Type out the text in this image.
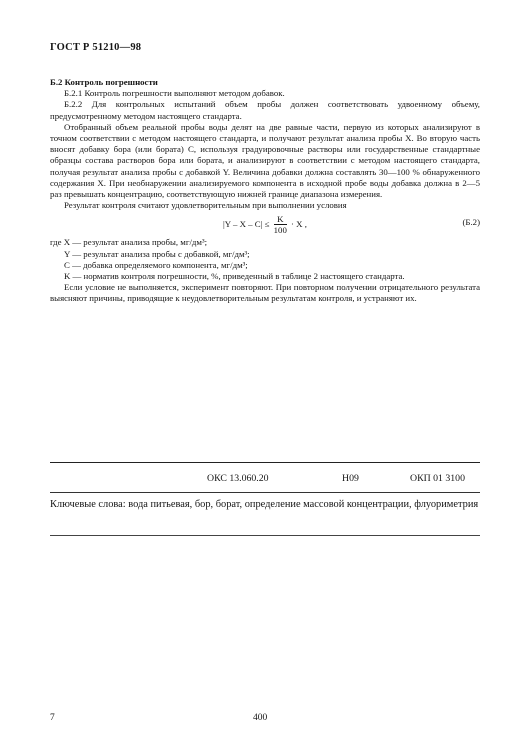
ГОСТ Р 51210—98

Б.2 Контроль погрешности

Б.2.1 Контроль погрешности выполняют методом добавок.

Б.2.2 Для контрольных испытаний объем пробы должен соответствовать удвоенному объему, предусмотренному методом настоящего стандарта.

Отобранный объем реальной пробы воды делят на две равные части, первую из которых анализируют в точном соответствии с методом настоящего стандарта, и получают результат анализа пробы X. Во вторую часть вносят добавку бора (или бората) C, используя градуировочные растворы или государственные стандартные образцы состава растворов бора или бората, и анализируют в соответствии с методом настоящего стандарта, получая результат анализа пробы с добавкой Y. Величина добавки должна составлять 30—100 % обнаруженного содержания X. При необнаружении анализируемого компонента в исходной пробе воды добавка должна в 2—5 раз превышать концентрацию, соответствующую нижней границе диапазона измерения.

Результат контроля считают удовлетворительным при выполнении условия

$|Y - X - C| \le \frac{K}{100} \cdot X$ ,	(Б.2)

где X — результат анализа пробы, мг/дм³;

Y — результат анализа пробы с добавкой, мг/дм³;

C — добавка определяемого компонента, мг/дм³;

K — норматив контроля погрешности, %, приведенный в таблице 2 настоящего стандарта.

Если условие не выполняется, эксперимент повторяют. При повторном получении отрицательного результата выясняют причины, приводящие к неудовлетворительным результатам контроля, и устраняют их.

ОКС 13.060.20	Н09	ОКП 01 3100
Ключевые слова: вода питьевая, бор, борат, определение массовой концентрации, флуориметрия
7	400
